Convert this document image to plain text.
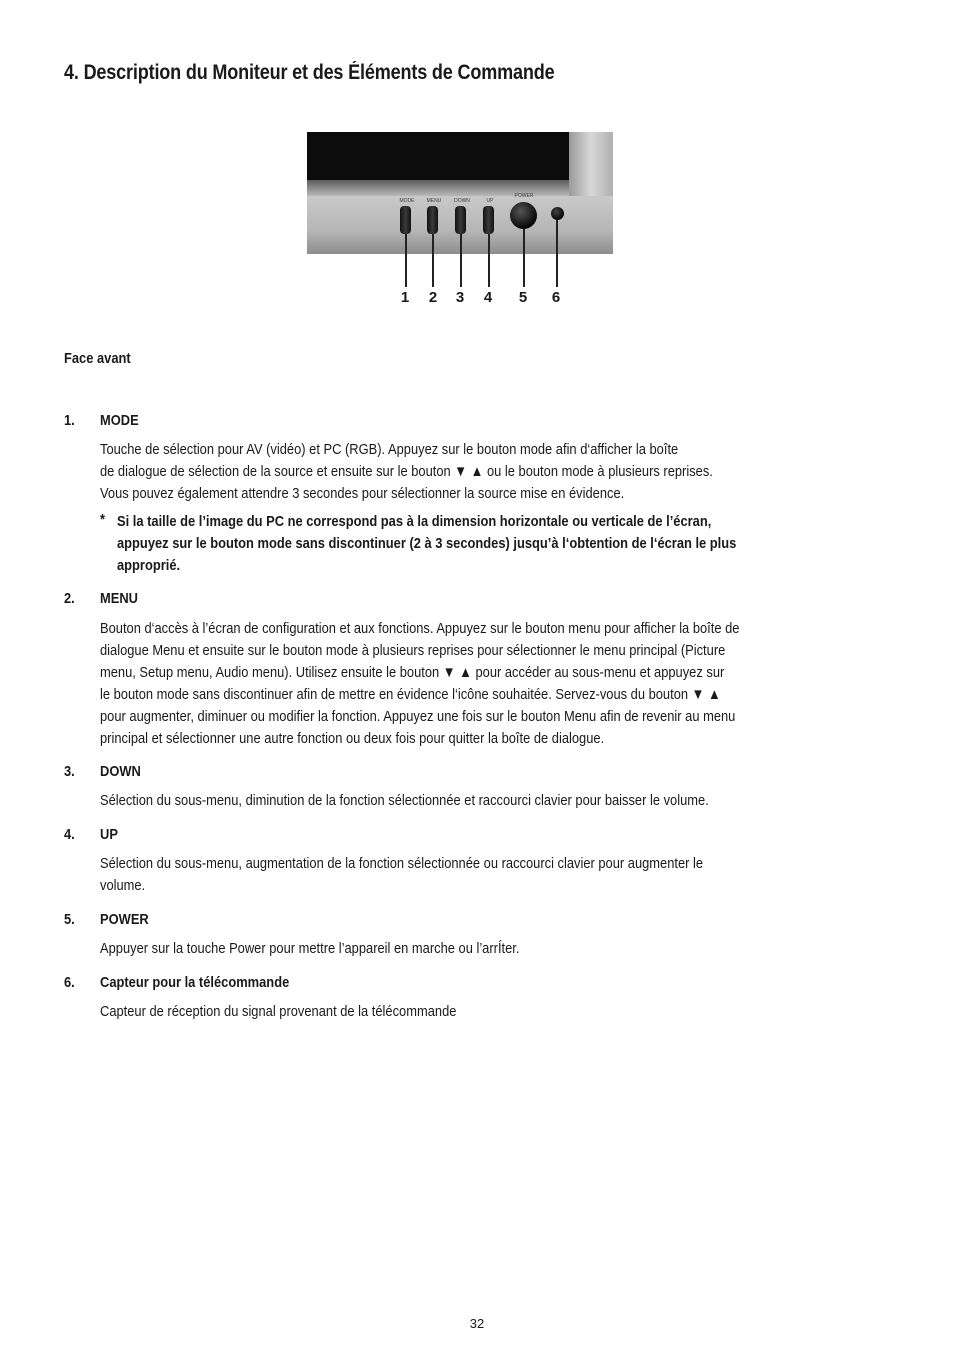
4. Description du Moniteur et des Éléments de Commande
MODE	MENU	DOWN	UP
POWER
1 2 3 4 5 6
Face avant
1. MODE
Touche de sélection pour AV (vidéo) et PC (RGB). Appuyez sur le bouton mode afin d‘afficher la boîte
de dialogue de sélection de la source et ensuite sur le bouton ▼ ▲ ou le bouton mode à plusieurs reprises.
Vous pouvez également attendre 3 secondes pour sélectionner la source mise en évidence.
* Si la taille de l’image du PC ne correspond pas à la dimension horizontale ou verticale de l’écran,
appuyez sur le bouton mode sans discontinuer (2 à 3 secondes) jusqu’à l‘obtention de l‘écran le plus
approprié.
2. MENU
Bouton d‘accès à l’écran de configuration et aux fonctions. Appuyez sur le bouton menu pour afficher la boîte de
dialogue Menu et ensuite sur le bouton mode à plusieurs reprises pour sélectionner le menu principal (Picture
menu, Setup menu, Audio menu). Utilisez ensuite le bouton ▼ ▲ pour accéder au sous-menu et appuyez sur
le bouton mode sans discontinuer afin de mettre en évidence l‘icône souhaitée. Servez-vous du bouton ▼ ▲
pour augmenter, diminuer ou modifier la fonction. Appuyez une fois sur le bouton Menu afin de revenir au menu
principal et sélectionner une autre fonction ou deux fois pour quitter la boîte de dialogue.
3. DOWN
Sélection du sous-menu, diminution de la fonction sélectionnée et raccourci clavier pour baisser le volume.
4. UP
Sélection du sous-menu, augmentation de la fonction sélectionnée ou raccourci clavier pour augmenter le
volume.
5. POWER
Appuyer sur la touche Power pour mettre l’appareil en marche ou l’arrÍter.
6. Capteur pour la télécommande
Capteur de réception du signal provenant de la télécommande
32
